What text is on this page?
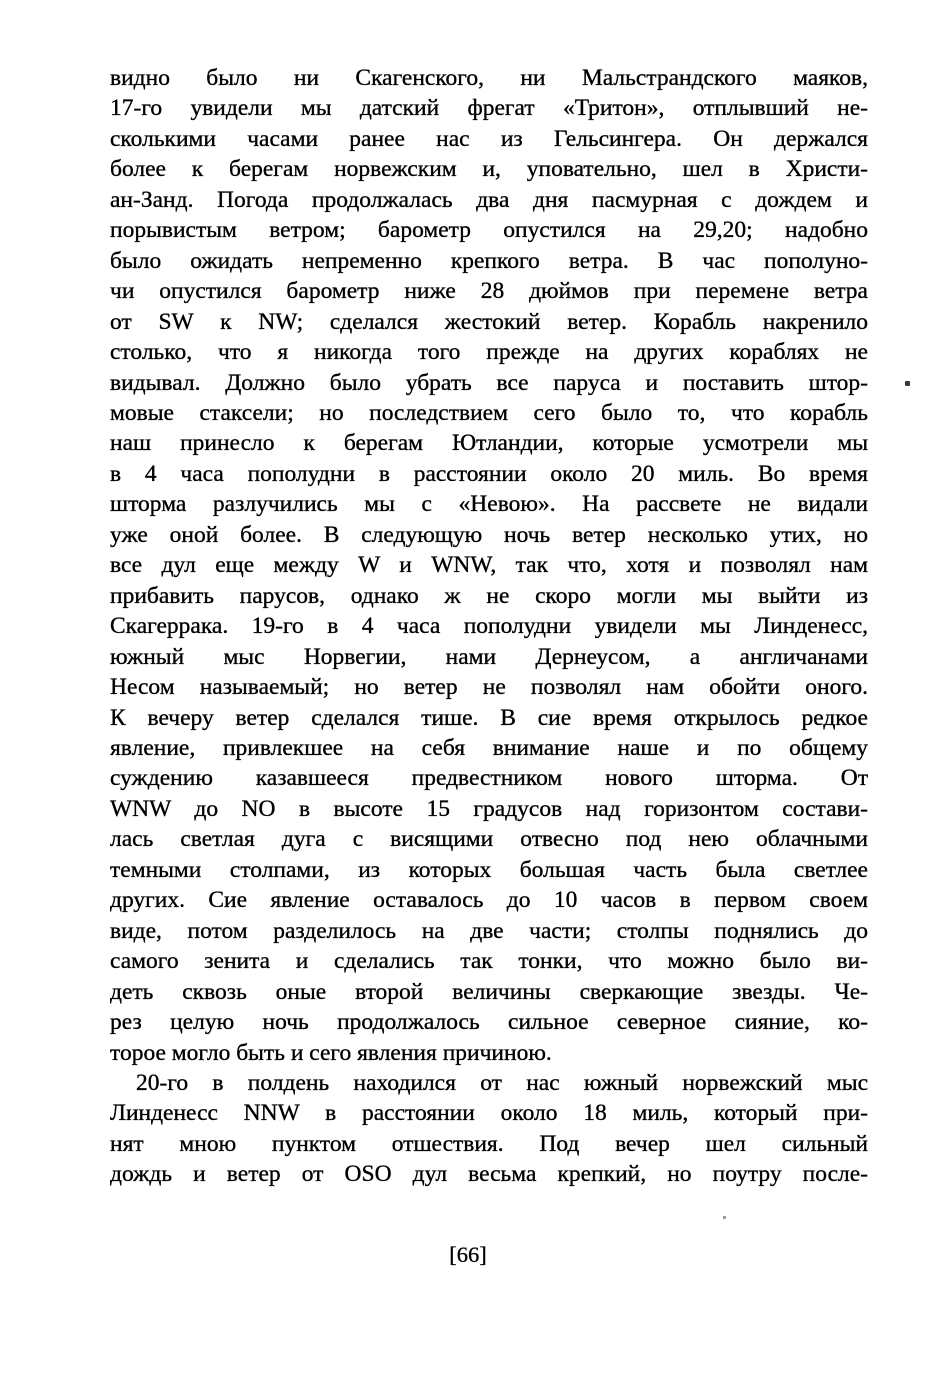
видно было ни Скагенского, ни Мальстрандского маяков,
17-го увидели мы датский фрегат «Тритон», отплывший не-
сколькими часами ранее нас из Гельсингера. Он держался
более к берегам норвежским и, уповательно, шел в Христи-
ан-Занд. Погода продолжалась два дня пасмурная с дождем и
порывистым ветром; барометр опустился на 29,20; надобно
было ожидать непременно крепкого ветра. В час пополуно-
чи опустился барометр ниже 28 дюймов при перемене ветра
от SW к NW; сделался жестокий ветер. Корабль накренило
столько, что я никогда того прежде на других кораблях не
видывал. Должно было убрать все паруса и поставить штор-
мовые стаксели; но последствием сего было то, что корабль
наш принесло к берегам Ютландии, которые усмотрели мы
в 4 часа пополудни в расстоянии около 20 миль. Во время
шторма разлучились мы с «Невою». На рассвете не видали
уже оной более. В следующую ночь ветер несколько утих, но
все дул еще между W и WNW, так что, хотя и позволял нам
прибавить парусов, однако ж не скоро могли мы выйти из
Скагеррака. 19-го в 4 часа пополудни увидели мы Линденесс,
южный мыс Норвегии, нами Дернеусом, а англичанами
Несом называемый; но ветер не позволял нам обойти оного.
К вечеру ветер сделался тише. В сие время открылось редкое
явление, привлекшее на себя внимание наше и по общему
суждению казавшееся предвестником нового шторма. От
WNW до NO в высоте 15 градусов над горизонтом состави-
лась светлая дуга с висящими отвесно под нею облачными
темными столпами, из которых большая часть была светлее
других. Сие явление оставалось до 10 часов в первом своем
виде, потом разделилось на две части; столпы поднялись до
самого зенита и сделались так тонки, что можно было ви-
деть сквозь оные второй величины сверкающие звезды. Че-
рез целую ночь продолжалось сильное северное сияние, ко-
торое могло быть и сего явления причиною.
20-го в полдень находился от нас южный норвежский мыс
Линденесс NNW в расстоянии около 18 миль, который при-
нят мною пунктом отшествия. Под вечер шел сильный
дождь и ветер от OSO дул весьма крепкий, но поутру после-
[66]
